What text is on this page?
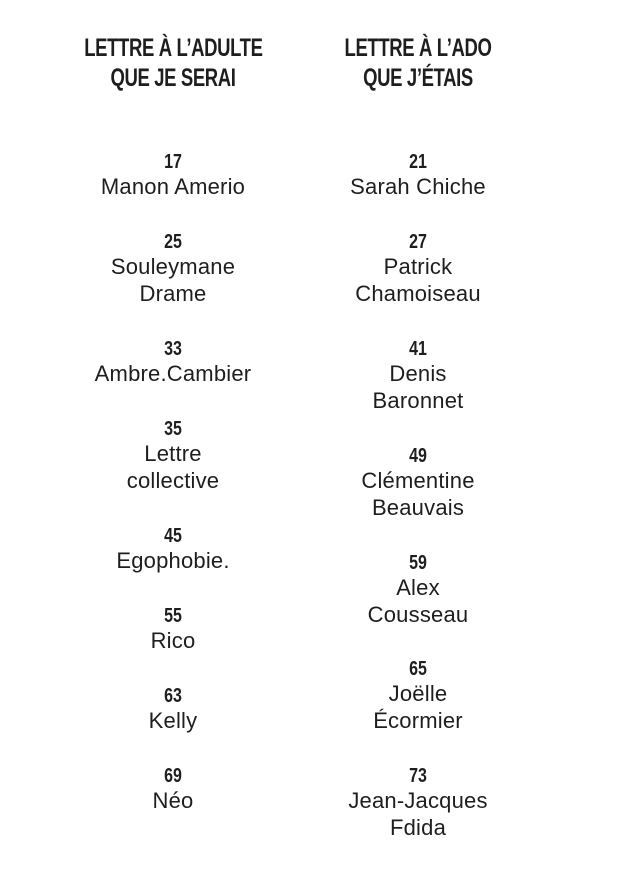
LETTRE À L’ADULTE
QUE JE SERAI
17
Manon Amerio
25
Souleymane
Drame
33
Ambre.Cambier
35
Lettre
collective
45
Egophobie.
55
Rico
63
Kelly
69
Néo
LETTRE À L’ADO
QUE J’ÉTAIS
21
Sarah Chiche
27
Patrick
Chamoiseau
41
Denis
Baronnet
49
Clémentine
Beauvais
59
Alex
Cousseau
65
Joëlle
Écormier
73
Jean-Jacques
Fdida
